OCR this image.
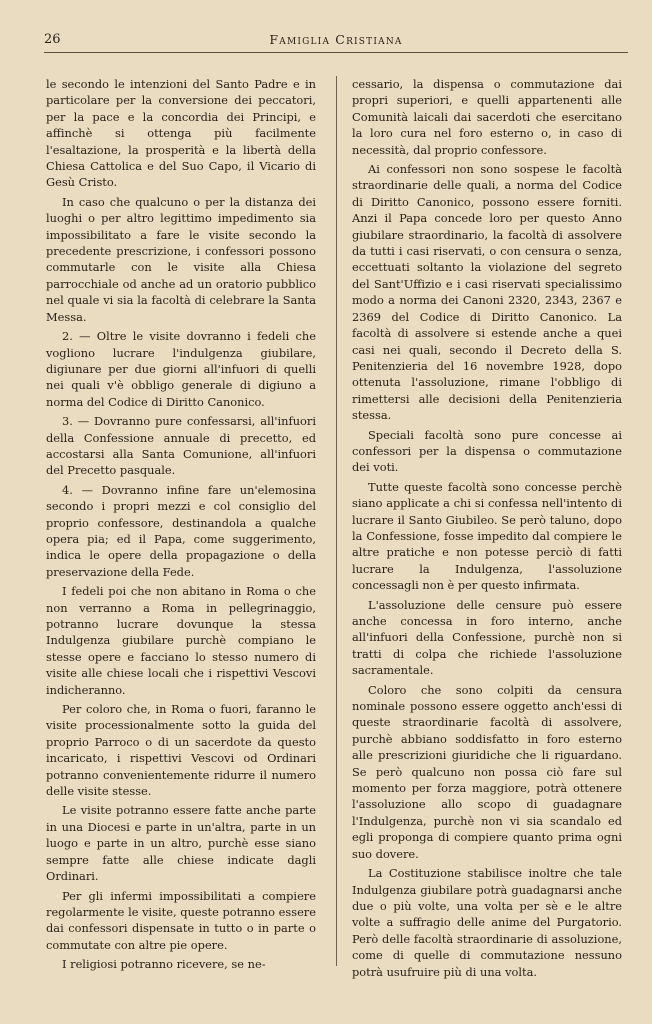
26	Famiglia Cristiana

le secondo le intenzioni del Santo Padre e in particolare per la conversione dei peccatori, per la pace e la concordia dei Principi, e affinchè si ottenga più facilmente l'esaltazione, la prosperità e la libertà della Chiesa Cattolica e del Suo Capo, il Vicario di Gesù Cristo.

In caso che qualcuno o per la distanza dei luoghi o per altro legittimo impedimento sia impossibilitato a fare le visite secondo la precedente prescrizione, i confessori possono commutarle con le visite alla Chiesa parrocchiale od anche ad un oratorio pubblico nel quale vi sia la facoltà di celebrare la Santa Messa.

2. — Oltre le visite dovranno i fedeli che vogliono lucrare l'indulgenza giubilare, digiunare per due giorni all'infuori di quelli nei quali v'è obbligo generale di digiuno a norma del Codice di Diritto Canonico.

3. — Dovranno pure confessarsi, all'infuori della Confessione annuale di precetto, ed accostarsi alla Santa Comunione, all'infuori del Precetto pasquale.

4. — Dovranno infine fare un'elemosina secondo i propri mezzi e col consiglio del proprio confessore, destinandola a qualche opera pia; ed il Papa, come suggerimento, indica le opere della propagazione o della preservazione della Fede.

I fedeli poi che non abitano in Roma o che non verranno a Roma in pellegrinaggio, potranno lucrare dovunque la stessa Indulgenza giubilare purchè compiano le stesse opere e facciano lo stesso numero di visite alle chiese locali che i rispettivi Vescovi indicheranno.

Per coloro che, in Roma o fuori, faranno le visite processionalmente sotto la guida del proprio Parroco o di un sacerdote da questo incaricato, i rispettivi Vescovi od Ordinari potranno convenientemente ridurre il numero delle visite stesse.

Le visite potranno essere fatte anche parte in una Diocesi e parte in un'altra, parte in un luogo e parte in un altro, purchè esse siano sempre fatte alle chiese indicate dagli Ordinari.

Per gli infermi impossibilitati a compiere regolarmente le visite, queste potranno essere dai confessori dispensate in tutto o in parte o commutate con altre pie opere.

I religiosi potranno ricevere, se ne-

cessario, la dispensa o commutazione dai propri superiori, e quelli appartenenti alle Comunità laicali dai sacerdoti che esercitano la loro cura nel foro esterno o, in caso di necessità, dal proprio confessore.

Ai confessori non sono sospese le facoltà straordinarie delle quali, a norma del Codice di Diritto Canonico, possono essere forniti. Anzi il Papa concede loro per questo Anno giubilare straordinario, la facoltà di assolvere da tutti i casi riservati, o con censura o senza, eccettuati soltanto la violazione del segreto del Sant'Uffizio e i casi riservati specialissimo modo a norma dei Canoni 2320, 2343, 2367 e 2369 del Codice di Diritto Canonico. La facoltà di assolvere si estende anche a quei casi nei quali, secondo il Decreto della S. Penitenzieria del 16 novembre 1928, dopo ottenuta l'assoluzione, rimane l'obbligo di rimettersi alle decisioni della Penitenzieria stessa.

Speciali facoltà sono pure concesse ai confessori per la dispensa o commutazione dei voti.

Tutte queste facoltà sono concesse perchè siano applicate a chi si confessa nell'intento di lucrare il Santo Giubileo. Se però taluno, dopo la Confessione, fosse impedito dal compiere le altre pratiche e non potesse perciò di fatti lucrare la Indulgenza, l'assoluzione concessagli non è per questo infirmata.

L'assoluzione delle censure può essere anche concessa in foro interno, anche all'infuori della Confessione, purchè non si tratti di colpa che richiede l'assoluzione sacramentale.

Coloro che sono colpiti da censura nominale possono essere oggetto anch'essi di queste straordinarie facoltà di assolvere, purchè abbiano soddisfatto in foro esterno alle prescrizioni giuridiche che li riguardano. Se però qualcuno non possa ciò fare sul momento per forza maggiore, potrà ottenere l'assoluzione allo scopo di guadagnare l'Indulgenza, purchè non vi sia scandalo ed egli proponga di compiere quanto prima ogni suo dovere.

La Costituzione stabilisce inoltre che tale Indulgenza giubilare potrà guadagnarsi anche due o più volte, una volta per sè e le altre volte a suffragio delle anime del Purgatorio. Però delle facoltà straordinarie di assoluzione, come di quelle di commutazione nessuno potrà usufruire più di una volta.
